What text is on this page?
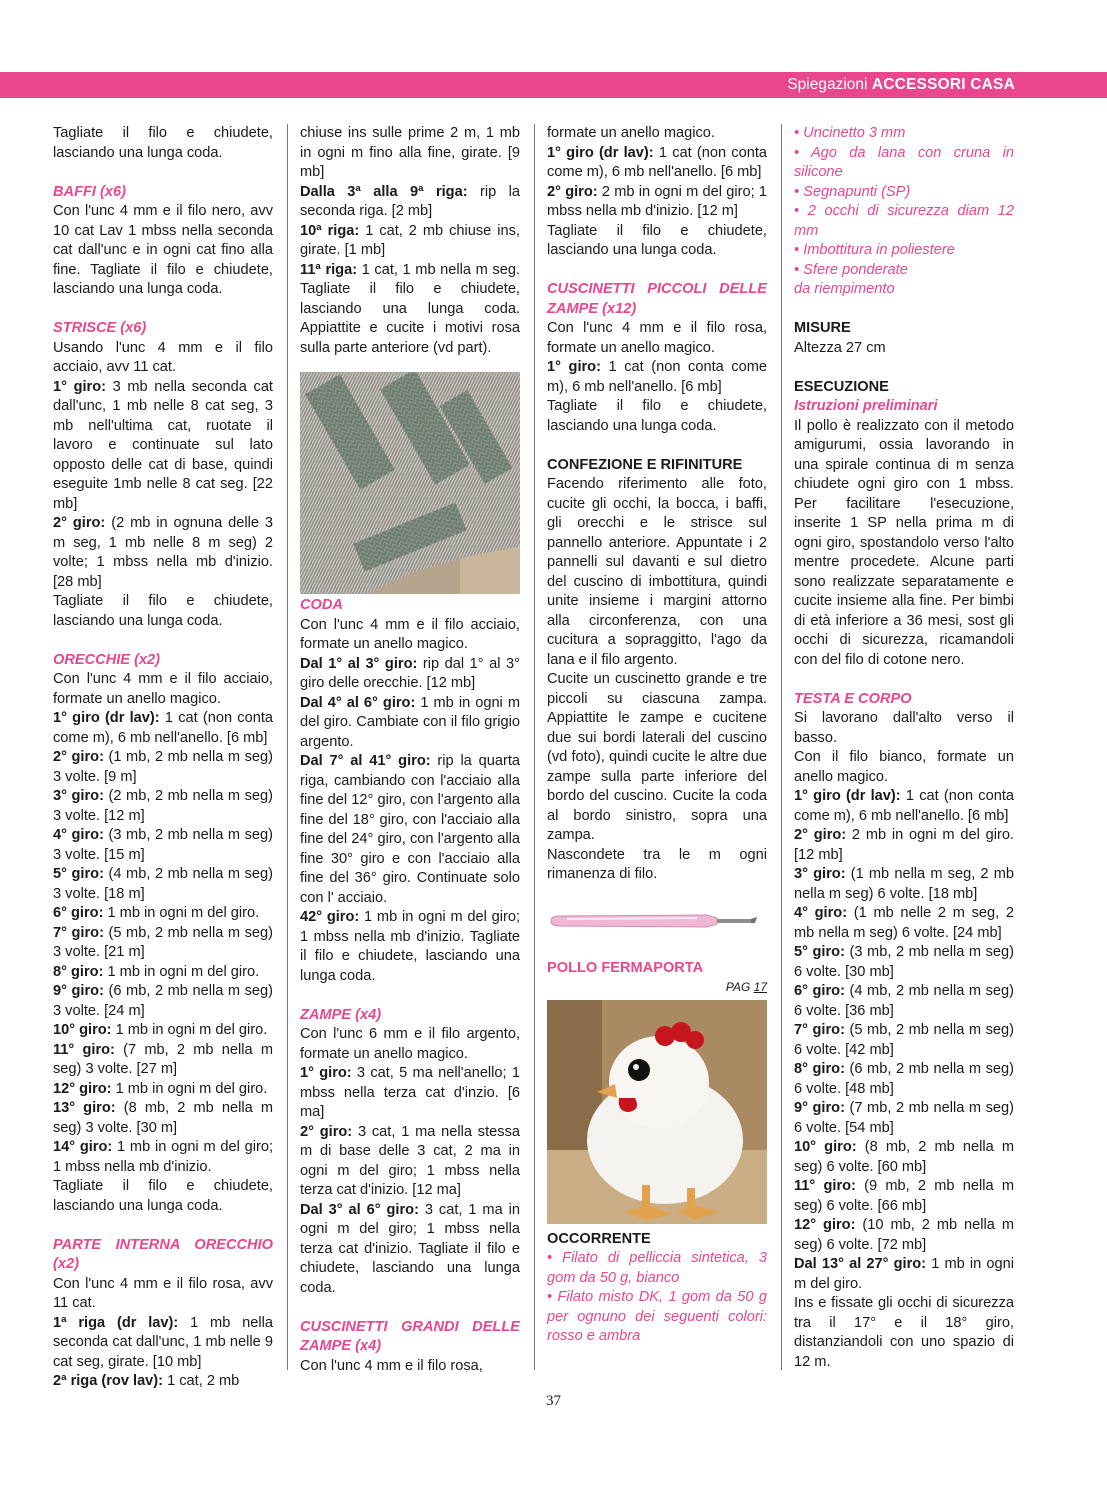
Spiegazioni ACCESSORI CASA

Tagliate il filo e chiudete, lasciando una lunga coda.

BAFFI (x6)

Con l'unc 4 mm e il filo nero, avv 10 cat Lav 1 mbss nella seconda cat dall'unc e in ogni cat fino alla fine. Tagliate il filo e chiudete, lasciando una lunga coda.

STRISCE (x6)

Usando l'unc 4 mm e il filo acciaio, avv 11 cat.

1° giro: 3 mb nella seconda cat dall'unc, 1 mb nelle 8 cat seg, 3 mb nell'ultima cat, ruotate il lavoro e continuate sul lato opposto delle cat di base, quindi eseguite 1mb nelle 8 cat seg. [22 mb]

2° giro: (2 mb in ognuna delle 3 m seg, 1 mb nelle 8 m seg) 2 volte; 1 mbss nella mb d'inizio. [28 mb]

Tagliate il filo e chiudete, lasciando una lunga coda.

ORECCHIE (x2)

Con l'unc 4 mm e il filo acciaio, formate un anello magico.

1° giro (dr lav): 1 cat (non conta come m), 6 mb nell'anello. [6 mb]

2° giro: (1 mb, 2 mb nella m seg) 3 volte. [9 m]

3° giro: (2 mb, 2 mb nella m seg) 3 volte. [12 m]

4° giro: (3 mb, 2 mb nella m seg) 3 volte. [15 m]

5° giro: (4 mb, 2 mb nella m seg) 3 volte. [18 m]

6° giro: 1 mb in ogni m del giro.

7° giro: (5 mb, 2 mb nella m seg) 3 volte. [21 m]

8° giro: 1 mb in ogni m del giro.

9° giro: (6 mb, 2 mb nella m seg) 3 volte. [24 m]

10° giro: 1 mb in ogni m del giro.

11° giro: (7 mb, 2 mb nella m seg) 3 volte. [27 m]

12° giro: 1 mb in ogni m del giro.

13° giro: (8 mb, 2 mb nella m seg) 3 volte. [30 m]

14° giro: 1 mb in ogni m del giro; 1 mbss nella mb d'inizio.

Tagliate il filo e chiudete, lasciando una lunga coda.

PARTE INTERNA ORECCHIO (x2)

Con l'unc 4 mm e il filo rosa, avv 11 cat.

1ª riga (dr lav): 1 mb nella seconda cat dall'unc, 1 mb nelle 9 cat seg, girate. [10 mb]

2ª riga (rov lav): 1 cat, 2 mb

chiuse ins sulle prime 2 m, 1 mb in ogni m fino alla fine, girate. [9 mb]

Dalla 3ª alla 9ª riga: rip la seconda riga. [2 mb]

10ª riga: 1 cat, 2 mb chiuse ins, girate. [1 mb]

11ª riga: 1 cat, 1 mb nella m seg. Tagliate il filo e chiudete, lasciando una lunga coda. Appiattite e cucite i motivi rosa sulla parte anteriore (vd part).

CODA

Con l'unc 4 mm e il filo acciaio, formate un anello magico.

Dal 1° al 3° giro: rip dal 1° al 3° giro delle orecchie. [12 mb]

Dal 4° al 6° giro: 1 mb in ogni m del giro. Cambiate con il filo grigio argento.

Dal 7° al 41° giro: rip la quarta riga, cambiando con l'acciaio alla fine del 12° giro, con l'argento alla fine del 18° giro, con l'acciaio alla fine del 24° giro, con l'argento alla fine 30° giro e con l'acciaio alla fine del 36° giro. Continuate solo con l' acciaio.

42° giro: 1 mb in ogni m del giro; 1 mbss nella mb d'inizio. Tagliate il filo e chiudete, lasciando una lunga coda.

ZAMPE (x4)

Con l'unc 6 mm e il filo argento, formate un anello magico.

1° giro: 3 cat, 5 ma nell'anello; 1 mbss nella terza cat d'inzio. [6 ma]

2° giro: 3 cat, 1 ma nella stessa m di base delle 3 cat, 2 ma in ogni m del giro; 1 mbss nella terza cat d'inizio. [12 ma]

Dal 3° al 6° giro: 3 cat, 1 ma in ogni m del giro; 1 mbss nella terza cat d'inizio. Tagliate il filo e chiudete, lasciando una lunga coda.

CUSCINETTI GRANDI DELLE ZAMPE (x4)

Con l'unc 4 mm e il filo rosa,

formate un anello magico.

1° giro (dr lav): 1 cat (non conta come m), 6 mb nell'anello. [6 mb]

2° giro: 2 mb in ogni m del giro; 1 mbss nella mb d'inizio. [12 m]

Tagliate il filo e chiudete, lasciando una lunga coda.

CUSCINETTI PICCOLI DELLE ZAMPE (x12)

Con l'unc 4 mm e il filo rosa, formate un anello magico.

1° giro: 1 cat (non conta come m), 6 mb nell'anello. [6 mb]

Tagliate il filo e chiudete, lasciando una lunga coda.

CONFEZIONE E RIFINITURE

Facendo riferimento alle foto, cucite gli occhi, la bocca, i baffi, gli orecchi e le strisce sul pannello anteriore. Appuntate i 2 pannelli sul davanti e sul dietro del cuscino di imbottitura, quindi unite insieme i margini attorno alla circonferenza, con una cucitura a sopraggitto, l'ago da lana e il filo argento.

Cucite un cuscinetto grande e tre piccoli su ciascuna zampa. Appiattite le zampe e cucitene due sui bordi laterali del cuscino (vd foto), quindi cucite le altre due zampe sulla parte inferiore del bordo del cuscino. Cucite la coda al bordo sinistro, sopra una zampa.

Nascondete tra le m ogni rimanenza di filo.

POLLO FERMAPORTA

PAG 17

OCCORRENTE

• Filato di pelliccia sintetica, 3 gom da 50 g, bianco

• Filato misto DK, 1 gom da 50 g per ognuno dei seguenti colori: rosso e ambra

• Uncinetto 3 mm

• Ago da lana con cruna in silicone

• Segnapunti (SP)

• 2 occhi di sicurezza diam 12 mm

• Imbottitura in poliestere

• Sfere ponderate

da riempimento

MISURE

Altezza 27 cm

ESECUZIONE

Istruzioni preliminari

Il pollo è realizzato con il metodo amigurumi, ossia lavorando in una spirale continua di m senza chiudete ogni giro con 1 mbss. Per facilitare l'esecuzione, inserite 1 SP nella prima m di ogni giro, spostandolo verso l'alto mentre procedete. Alcune parti sono realizzate separatamente e cucite insieme alla fine. Per bimbi di età inferiore a 36 mesi, sost gli occhi di sicurezza, ricamandoli con del filo di cotone nero.

TESTA E CORPO

Si lavorano dall'alto verso il basso.

Con il filo bianco, formate un anello magico.

1° giro (dr lav): 1 cat (non conta come m), 6 mb nell'anello. [6 mb]

2° giro: 2 mb in ogni m del giro. [12 mb]

3° giro: (1 mb nella m seg, 2 mb nella m seg) 6 volte. [18 mb]

4° giro: (1 mb nelle 2 m seg, 2 mb nella m seg) 6 volte. [24 mb]

5° giro: (3 mb, 2 mb nella m seg) 6 volte. [30 mb]

6° giro: (4 mb, 2 mb nella m seg) 6 volte. [36 mb]

7° giro: (5 mb, 2 mb nella m seg) 6 volte. [42 mb]

8° giro: (6 mb, 2 mb nella m seg) 6 volte. [48 mb]

9° giro: (7 mb, 2 mb nella m seg) 6 volte. [54 mb]

10° giro: (8 mb, 2 mb nella m seg) 6 volte. [60 mb]

11° giro: (9 mb, 2 mb nella m seg) 6 volte. [66 mb]

12° giro: (10 mb, 2 mb nella m seg) 6 volte. [72 mb]

Dal 13° al 27° giro: 1 mb in ogni m del giro.

Ins e fissate gli occhi di sicurezza tra il 17° e il 18° giro, distanziandoli con uno spazio di 12 m.

37
